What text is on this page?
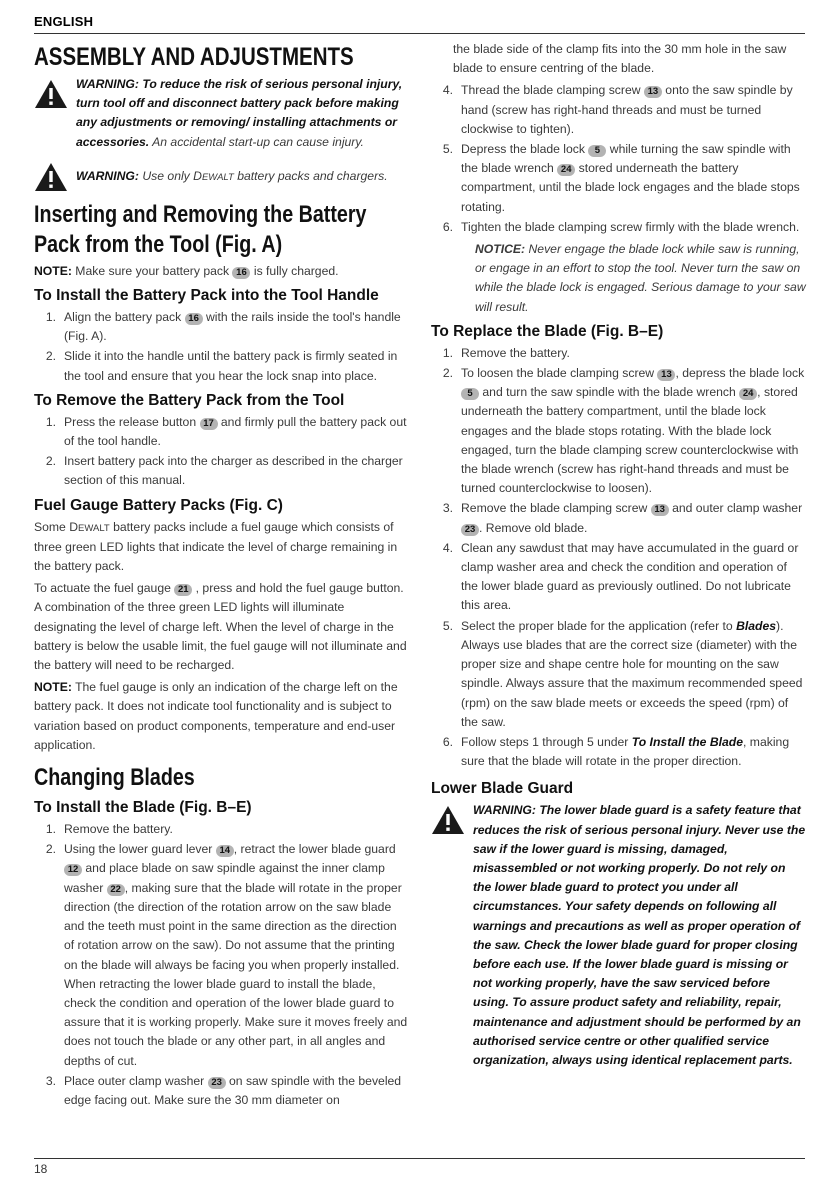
ENGLISH
ASSEMBLY AND ADJUSTMENTS
WARNING: To reduce the risk of serious personal injury, turn tool off and disconnect battery pack before making any adjustments or removing/ installing attachments or accessories. An accidental start-up can cause injury.
WARNING: Use only DEWALT battery packs and chargers.
Inserting and Removing the Battery Pack from the Tool (Fig. A)

NOTE: Make sure your battery pack 16 is fully charged.

To Install the Battery Pack into the Tool Handle
1. Align the battery pack 16 with the rails inside the tool's handle (Fig. A).
2. Slide it into the handle until the battery pack is firmly seated in the tool and ensure that you hear the lock snap into place.
To Remove the Battery Pack from the Tool
1. Press the release button 17 and firmly pull the battery pack out of the tool handle.
2. Insert battery pack into the charger as described in the charger section of this manual.
Fuel Gauge Battery Packs (Fig. C)

Some DEWALT battery packs include a fuel gauge which consists of three green LED lights that indicate the level of charge remaining in the battery pack.

To actuate the fuel gauge 21 , press and hold the fuel gauge button. A combination of the three green LED lights will illuminate designating the level of charge left. When the level of charge in the battery is below the usable limit, the fuel gauge will not illuminate and the battery will need to be recharged.

NOTE: The fuel gauge is only an indication of the charge left on the battery pack. It does not indicate tool functionality and is subject to variation based on product components, temperature and end-user application.

Changing Blades
To Install the Blade (Fig. B–E)
1. Remove the battery.
2. Using the lower guard lever 14 , retract the lower blade guard 12 and place blade on saw spindle against the inner clamp washer 22 , making sure that the blade will rotate in the proper direction (the direction of the rotation arrow on the saw blade and the teeth must point in the same direction as the direction of rotation arrow on the saw). Do not assume that the printing on the blade will always be facing you when properly installed. When retracting the lower blade guard to install the blade, check the condition and operation of the lower blade guard to assure that it is working properly. Make sure it moves freely and does not touch the blade or any other part, in all angles and depths of cut.
3. Place outer clamp washer 23 on saw spindle with the beveled edge facing out. Make sure the 30 mm diameter on

the blade side of the clamp fits into the 30 mm hole in the saw blade to ensure centring of the blade.

4. Thread the blade clamping screw 13 onto the saw spindle by hand (screw has right-hand threads and must be turned clockwise to tighten).
5. Depress the blade lock 5 while turning the saw spindle with the blade wrench 24 stored underneath the battery compartment, until the blade lock engages and the blade stops rotating.
6. Tighten the blade clamping screw firmly with the blade wrench.

NOTICE: Never engage the blade lock while saw is running, or engage in an effort to stop the tool. Never turn the saw on while the blade lock is engaged. Serious damage to your saw will result.

To Replace the Blade (Fig. B–E)
1. Remove the battery.
2. To loosen the blade clamping screw 13 , depress the blade lock 5 and turn the saw spindle with the blade wrench 24 , stored underneath the battery compartment, until the blade lock engages and the blade stops rotating. With the blade lock engaged, turn the blade clamping screw counterclockwise with the blade wrench (screw has right-hand threads and must be turned counterclockwise to loosen).
3. Remove the blade clamping screw 13 and outer clamp washer 23 . Remove old blade.
4. Clean any sawdust that may have accumulated in the guard or clamp washer area and check the condition and operation of the lower blade guard as previously outlined. Do not lubricate this area.
5. Select the proper blade for the application (refer to Blades). Always use blades that are the correct size (diameter) with the proper size and shape centre hole for mounting on the saw spindle. Always assure that the maximum recommended speed (rpm) on the saw blade meets or exceeds the speed (rpm) of the saw.
6. Follow steps 1 through 5 under To Install the Blade, making sure that the blade will rotate in the proper direction.
Lower Blade Guard
WARNING: The lower blade guard is a safety feature that reduces the risk of serious personal injury. Never use the saw if the lower guard is missing, damaged, misassembled or not working properly. Do not rely on the lower blade guard to protect you under all circumstances. Your safety depends on following all warnings and precautions as well as proper operation of the saw. Check the lower blade guard for proper closing before each use. If the lower blade guard is missing or not working properly, have the saw serviced before using. To assure product safety and reliability, repair, maintenance and adjustment should be performed by an authorised service centre or other qualified service organization, always using identical replacement parts.
18
